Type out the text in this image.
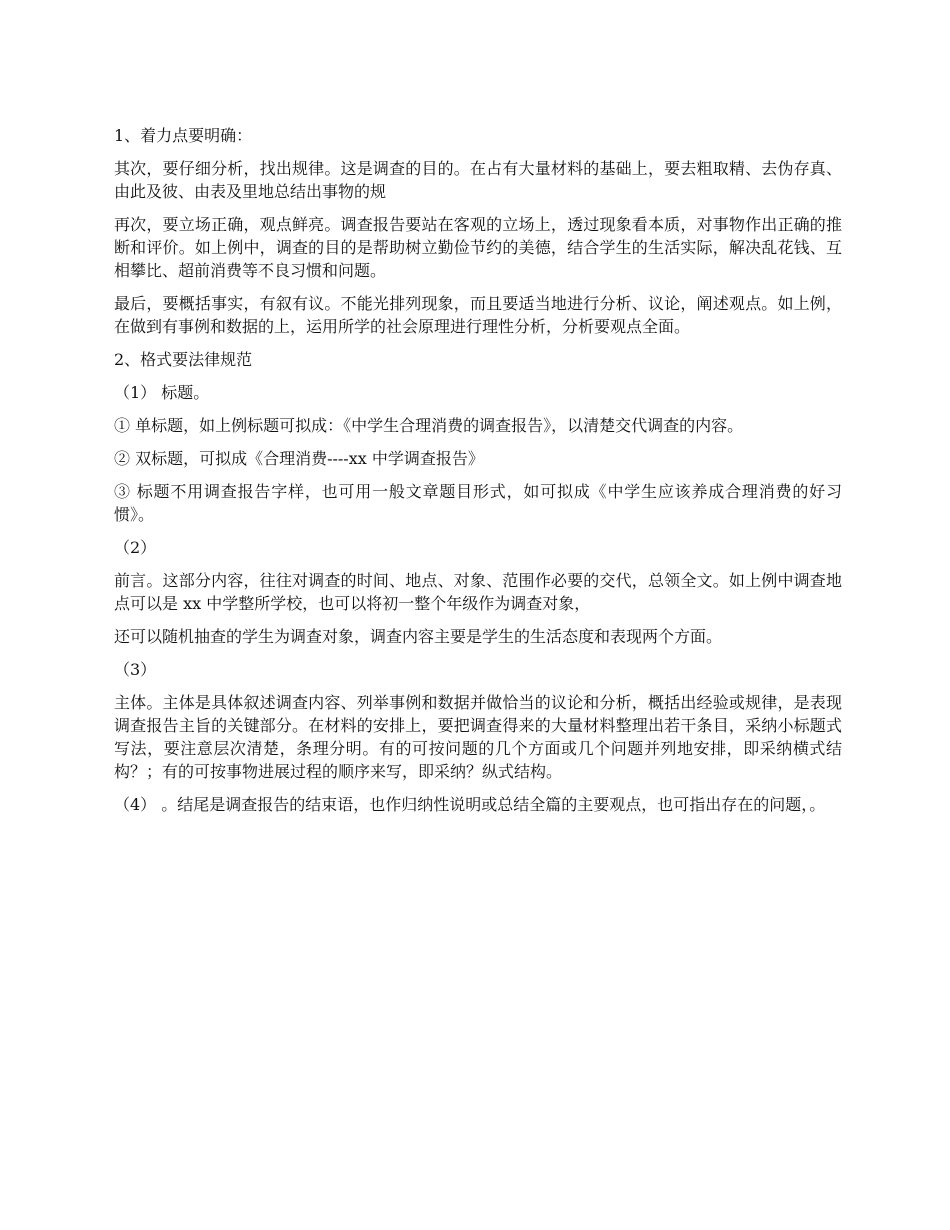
1、着力点要明确：

其次，要仔细分析，找出规律。这是调查的目的。在占有大量材料的基础上，要去粗取精、去伪存真、由此及彼、由表及里地总结出事物的规

再次，要立场正确，观点鲜亮。调查报告要站在客观的立场上，透过现象看本质，对事物作出正确的推断和评价。如上例中，调查的目的是帮助树立勤俭节约的美德，结合学生的生活实际，解决乱花钱、互相攀比、超前消费等不良习惯和问题。

最后，要概括事实，有叙有议。不能光排列现象，而且要适当地进行分析、议论，阐述观点。如上例，在做到有事例和数据的上，运用所学的社会原理进行理性分析，分析要观点全面。

2、格式要法律规范

（1） 标题。

① 单标题，如上例标题可拟成：《中学生合理消费的调查报告》，以清楚交代调查的内容。

② 双标题，可拟成《合理消费----xx 中学调查报告》

③ 标题不用调查报告字样，也可用一般文章题目形式，如可拟成《中学生应该养成合理消费的好习惯》。

（2）

前言。这部分内容，往往对调查的时间、地点、对象、范围作必要的交代，总领全文。如上例中调查地点可以是 xx 中学整所学校，也可以将初一整个年级作为调查对象，

还可以随机抽查的学生为调查对象，调查内容主要是学生的生活态度和表现两个方面。

（3）

主体。主体是具体叙述调查内容、列举事例和数据并做恰当的议论和分析，概括出经验或规律，是表现调查报告主旨的关键部分。在材料的安排上，要把调查得来的大量材料整理出若干条目，采纳小标题式写法，要注意层次清楚，条理分明。有的可按问题的几个方面或几个问题并列地安排，即采纳横式结构？；有的可按事物进展过程的顺序来写，即采纳？纵式结构。

（4） 。结尾是调查报告的结束语，也作归纳性说明或总结全篇的主要观点，也可指出存在的问题，。
